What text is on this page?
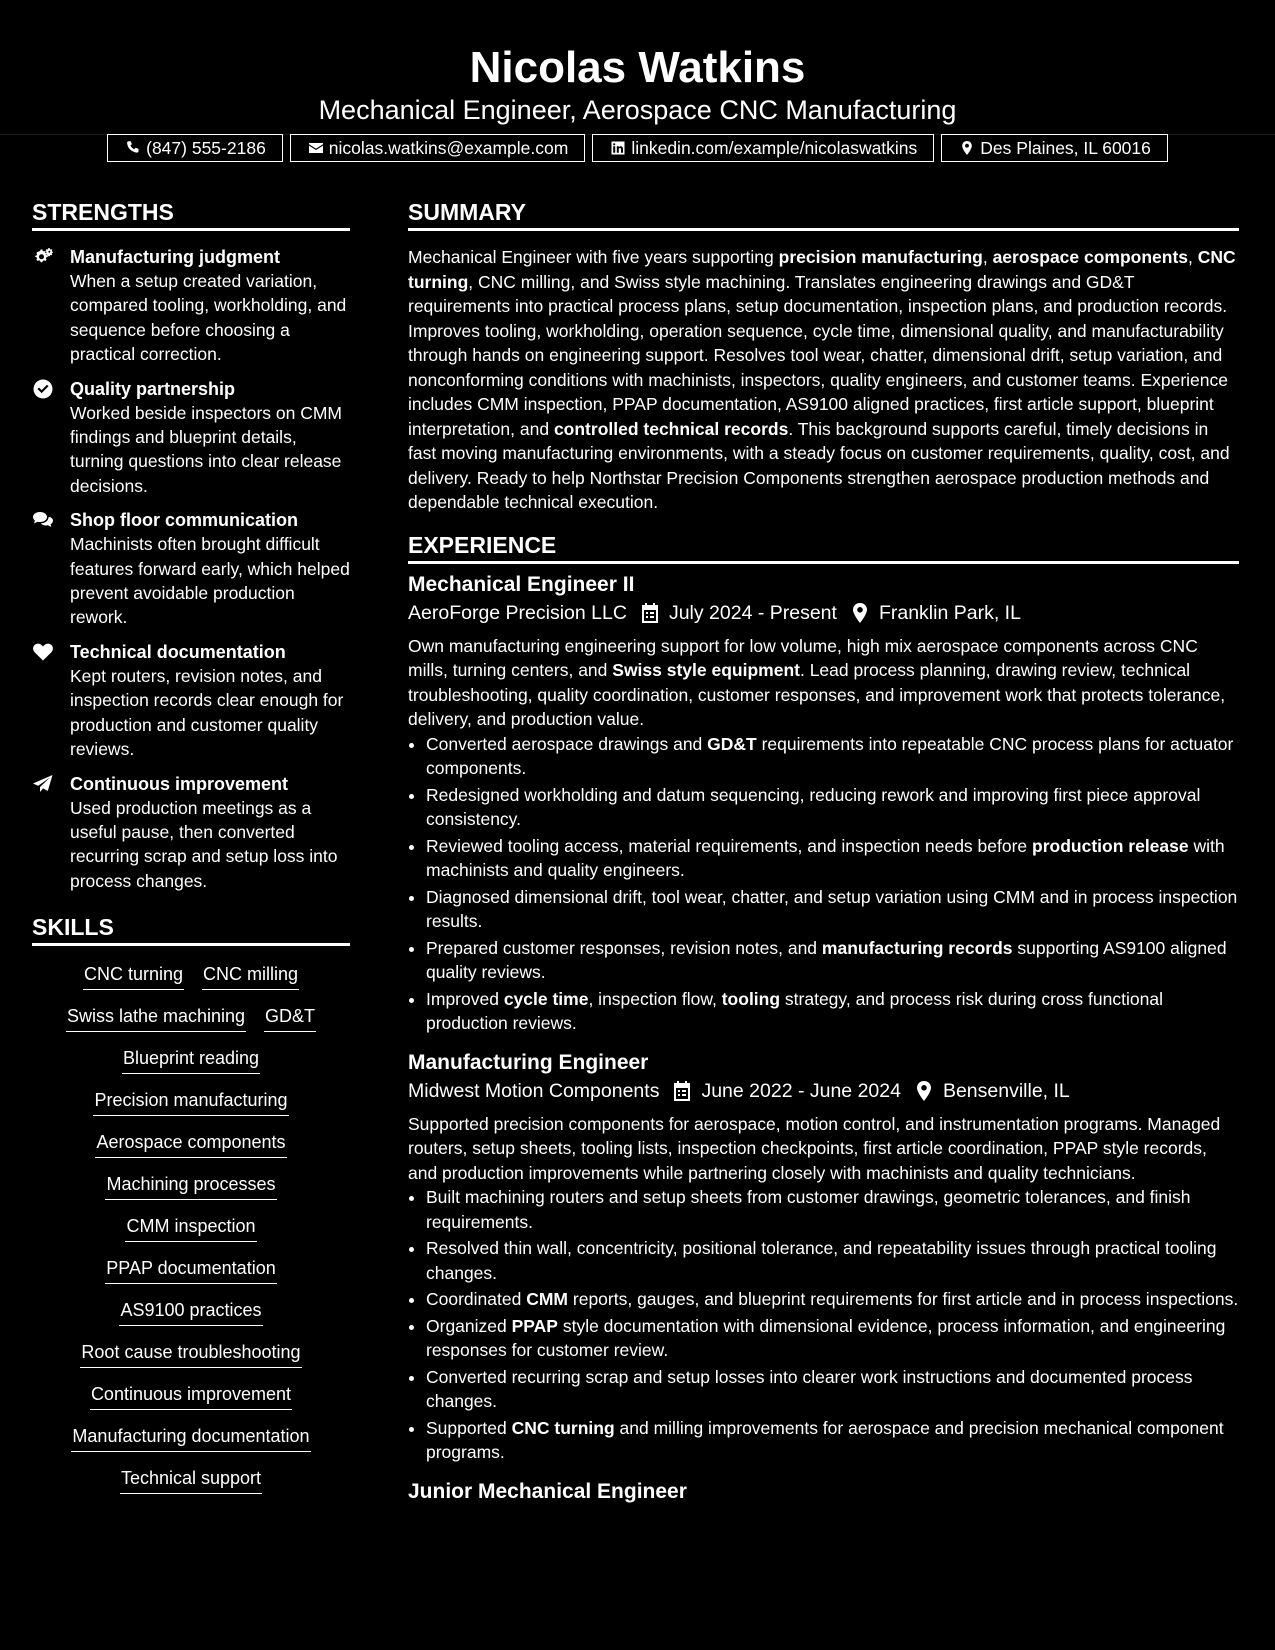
Nicolas Watkins
Mechanical Engineer, Aerospace CNC Manufacturing
(847) 555-2186	nicolas.watkins@example.com	linkedin.com/example/nicolaswatkins	Des Plaines, IL 60016
STRENGTHS
Manufacturing judgment
When a setup created variation, compared tooling, workholding, and sequence before choosing a practical correction.
Quality partnership
Worked beside inspectors on CMM findings and blueprint details, turning questions into clear release decisions.
Shop floor communication
Machinists often brought difficult features forward early, which helped prevent avoidable production rework.
Technical documentation
Kept routers, revision notes, and inspection records clear enough for production and customer quality reviews.
Continuous improvement
Used production meetings as a useful pause, then converted recurring scrap and setup loss into process changes.
SKILLS
CNC turning CNC milling
Swiss lathe machining GD&T
Blueprint reading
Precision manufacturing
Aerospace components
Machining processes
CMM inspection
PPAP documentation
AS9100 practices
Root cause troubleshooting
Continuous improvement
Manufacturing documentation
Technical support
SUMMARY
Mechanical Engineer with five years supporting precision manufacturing, aerospace components, CNC turning, CNC milling, and Swiss style machining. Translates engineering drawings and GD&T requirements into practical process plans, setup documentation, inspection plans, and production records. Improves tooling, workholding, operation sequence, cycle time, dimensional quality, and manufacturability through hands on engineering support. Resolves tool wear, chatter, dimensional drift, setup variation, and nonconforming conditions with machinists, inspectors, quality engineers, and customer teams. Experience includes CMM inspection, PPAP documentation, AS9100 aligned practices, first article support, blueprint interpretation, and controlled technical records. This background supports careful, timely decisions in fast moving manufacturing environments, with a steady focus on customer requirements, quality, cost, and delivery. Ready to help Northstar Precision Components strengthen aerospace production methods and dependable technical execution.
EXPERIENCE
Mechanical Engineer II
AeroForge Precision LLC July 2024 - Present Franklin Park, IL
Own manufacturing engineering support for low volume, high mix aerospace components across CNC mills, turning centers, and Swiss style equipment. Lead process planning, drawing review, technical troubleshooting, quality coordination, customer responses, and improvement work that protects tolerance, delivery, and production value.
• Converted aerospace drawings and GD&T requirements into repeatable CNC process plans for actuator components.
• Redesigned workholding and datum sequencing, reducing rework and improving first piece approval consistency.
• Reviewed tooling access, material requirements, and inspection needs before production release with machinists and quality engineers.
• Diagnosed dimensional drift, tool wear, chatter, and setup variation using CMM and in process inspection results.
• Prepared customer responses, revision notes, and manufacturing records supporting AS9100 aligned quality reviews.
• Improved cycle time, inspection flow, tooling strategy, and process risk during cross functional production reviews.
Manufacturing Engineer
Midwest Motion Components June 2022 - June 2024 Bensenville, IL
Supported precision components for aerospace, motion control, and instrumentation programs. Managed routers, setup sheets, tooling lists, inspection checkpoints, first article coordination, PPAP style records, and production improvements while partnering closely with machinists and quality technicians.
• Built machining routers and setup sheets from customer drawings, geometric tolerances, and finish requirements.
• Resolved thin wall, concentricity, positional tolerance, and repeatability issues through practical tooling changes.
• Coordinated CMM reports, gauges, and blueprint requirements for first article and in process inspections.
• Organized PPAP style documentation with dimensional evidence, process information, and engineering responses for customer review.
• Converted recurring scrap and setup losses into clearer work instructions and documented process changes.
• Supported CNC turning and milling improvements for aerospace and precision mechanical component programs.
Junior Mechanical Engineer
